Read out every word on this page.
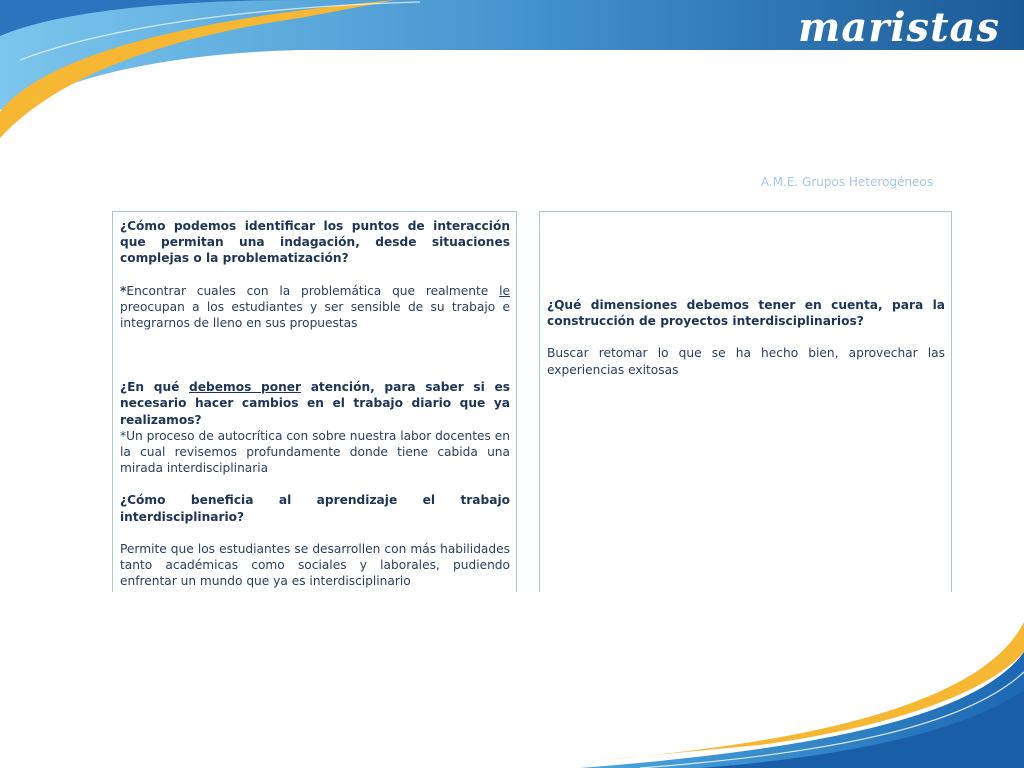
maristas
A.M.E. Grupos Heterogéneos

¿Cómo podemos identificar los puntos de interacción que permitan una indagación, desde situaciones complejas o la problematización?

*Encontrar cuales con la problemática que realmente le preocupan a los estudiantes y ser sensible de su trabajo e integrarnos de lleno en sus propuestas

¿En qué debemos poner atención, para saber si es necesario hacer cambios en el trabajo diario que ya realizamos?

*Un proceso de autocrítica con sobre nuestra labor docentes en la cual revisemos profundamente donde tiene cabida una mirada interdisciplinaria

¿Cómo beneficia al aprendizaje el trabajo interdisciplinario?

Permite que los estudiantes se desarrollen con más habilidades tanto académicas como sociales y laborales, pudiendo enfrentar un mundo que ya es interdisciplinario

¿Qué dimensiones debemos tener en cuenta, para la construcción de proyectos interdisciplinarios?

Buscar retomar lo que se ha hecho bien, aprovechar las experiencias exitosas
